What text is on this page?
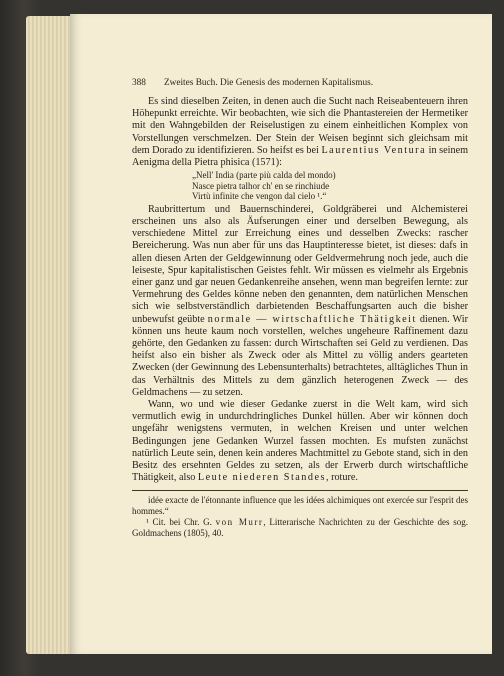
388 Zweites Buch. Die Genesis des modernen Kapitalismus.

Es sind dieselben Zeiten, in denen auch die Sucht nach Reiseabenteuern ihren Höhepunkt erreichte. Wir beobachten, wie sich die Phantastereien der Hermetiker mit den Wahngebilden der Reiselustigen zu einem einheitlichen Komplex von Vorstellungen verschmelzen. Der Stein der Weisen beginnt sich gleichsam mit dem Dorado zu identifizieren. So heifst es bei Laurentius Ventura in seinem Aenigma della Pietra phisica (1571):

„Nell' India (parte più calda del mondo)
Nasce pietra talhor ch' en se rinchiude
Virtù infinite che vengon dal cielo ¹.“

Raubrittertum und Bauernschinderei, Goldgräberei und Alchemisterei erscheinen uns also als Äufserungen einer und derselben Bewegung, als verschiedene Mittel zur Erreichung eines und desselben Zwecks: rascher Bereicherung. Was nun aber für uns das Hauptinteresse bietet, ist dieses: dafs in allen diesen Arten der Geldgewinnung oder Geldvermehrung noch jede, auch die leiseste, Spur kapitalistischen Geistes fehlt. Wir müssen es vielmehr als Ergebnis einer ganz und gar neuen Gedankenreihe ansehen, wenn man begreifen lernte: zur Vermehrung des Geldes könne neben den genannten, dem natürlichen Menschen sich wie selbstverständlich darbietenden Beschaffungsarten auch die bisher unbewufst geübte normale — wirtschaftliche Thätigkeit dienen. Wir können uns heute kaum noch vorstellen, welches ungeheure Raffinement dazu gehörte, den Gedanken zu fassen: durch Wirtschaften sei Geld zu verdienen. Das heifst also ein bisher als Zweck oder als Mittel zu völlig anders gearteten Zwecken (der Gewinnung des Lebensunterhalts) betrachtetes, alltägliches Thun in das Verhältnis des Mittels zu dem gänzlich heterogenen Zweck — des Geldmachens — zu setzen.

Wann, wo und wie dieser Gedanke zuerst in die Welt kam, wird sich vermutlich ewig in undurchdringliches Dunkel hüllen. Aber wir können doch ungefähr wenigstens vermuten, in welchen Kreisen und unter welchen Bedingungen jene Gedanken Wurzel fassen mochten. Es mufsten zunächst natürlich Leute sein, denen kein anderes Machtmittel zu Gebote stand, sich in den Besitz des ersehnten Geldes zu setzen, als der Erwerb durch wirtschaftliche Thätigkeit, also Leute niederen Standes, roture.

idée exacte de l'étonnante influence que les idées alchimiques ont exercée sur l'esprit des hommes.“

¹ Cit. bei Chr. G. von Murr, Litterarische Nachrichten zu der Geschichte des sog. Goldmachens (1805), 40.
